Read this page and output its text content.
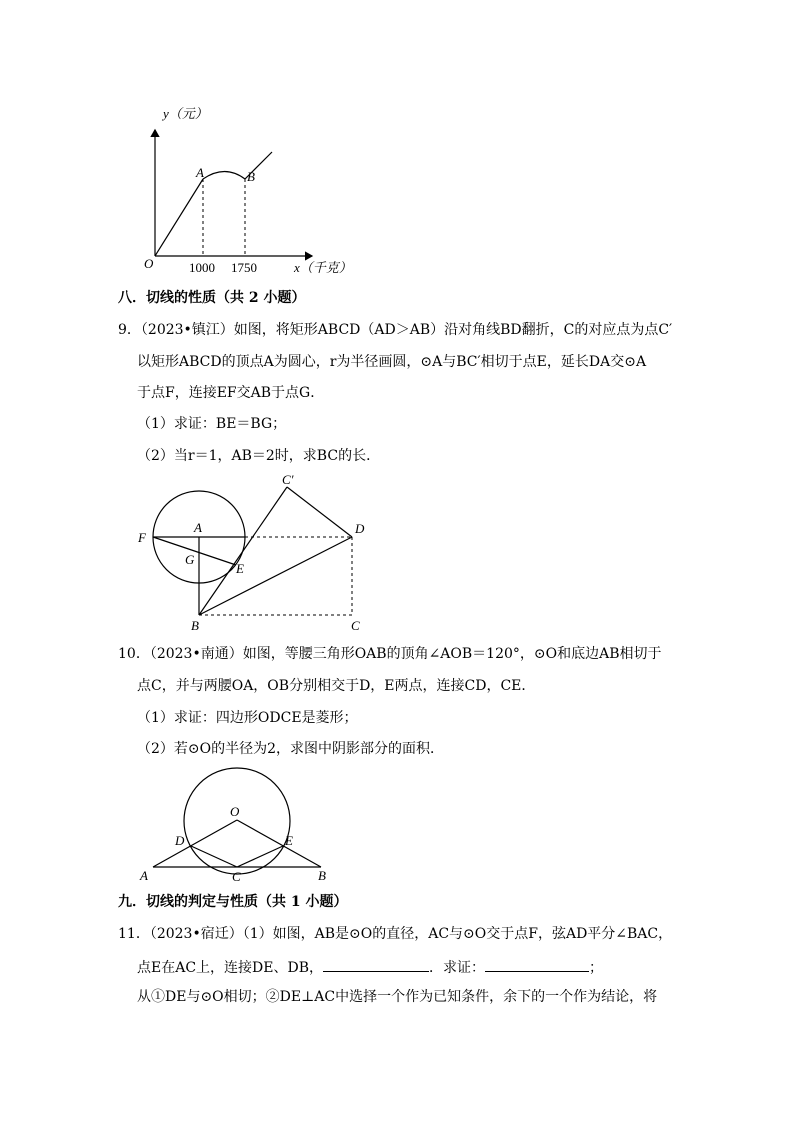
y（元）
x（千克）
O
A	B
1000 1750
八．切线的性质（共 2 小题）
9．（2023•镇江）如图，将矩形ABCD（AD＞AB）沿对角线BD翻折，C的对应点为点C′
以矩形ABCD的顶点A为圆心，r为半径画圆，⊙A与BC′相切于点E，延长DA交⊙A
于点F，连接EF交AB于点G．
（1）求证：BE＝BG；
（2）当r＝1，AB＝2时，求BC的长．
F
A
G
E
B	C
D
C′
10．（2023•南通）如图，等腰三角形OAB的顶角∠AOB＝120°，⊙O和底边AB相切于
点C，并与两腰OA，OB分别相交于D，E两点，连接CD，CE．
（1）求证：四边形ODCE是菱形；
（2）若⊙O的半径为2，求图中阴影部分的面积．
O
D	E
A	C	B
九．切线的判定与性质（共 1 小题）
11．（2023•宿迁）（1）如图，AB是⊙O的直径，AC与⊙O交于点F，弦AD平分∠BAC，
点E在AC上，连接DE、DB，	．求证：	；
从①DE与⊙O相切；②DE⊥AC中选择一个作为已知条件，余下的一个作为结论，将
